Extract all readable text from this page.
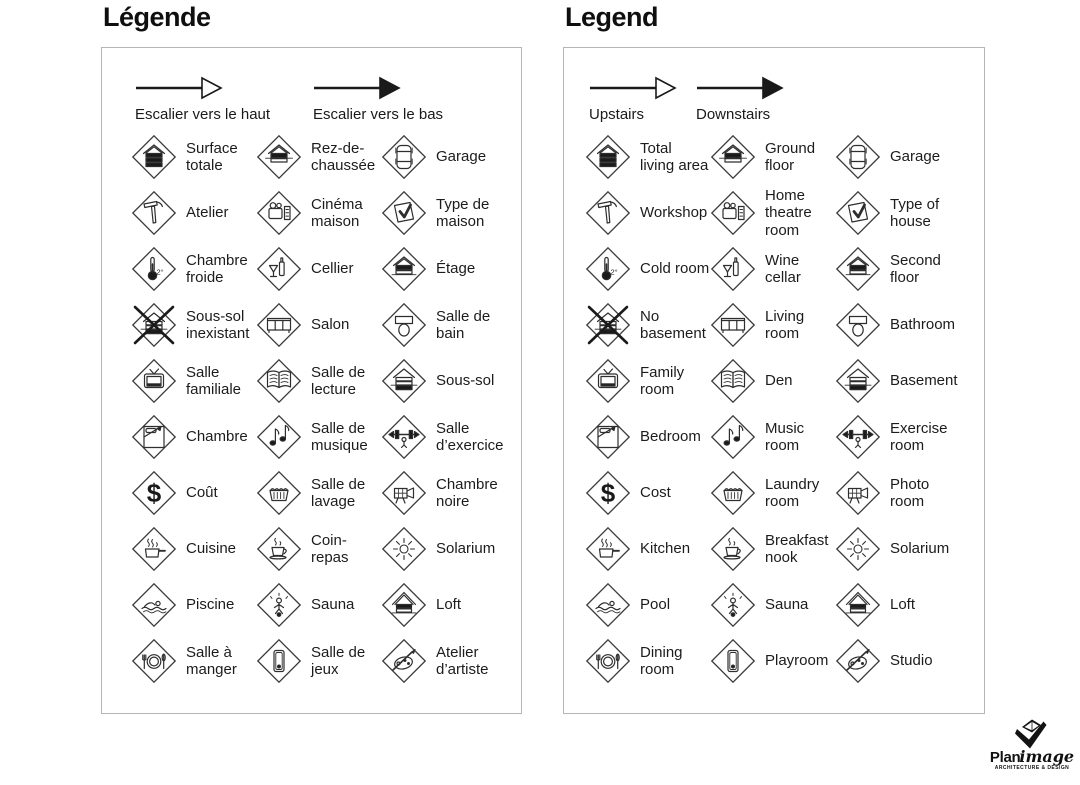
Légende	Legend
Escalier vers le haut	Escalier vers le bas
Surface totale
Rez-de-chaussée
Garage
Atelier
Cinéma maison
Type de maison
Chambre froide
Cellier	Étage
Sous-sol inexistant
Salon
Salle de bain
Salle familiale
Salle de lecture
Sous-sol
Chambre
Salle de musique
Salle d’exercice
Coût
Salle de lavage
Chambre noire
Cuisine
Coin-repas
Solarium
Piscine	Sauna	Loft
Salle à manger
Salle de jeux
Atelier d’artiste
Upstairs	Downstairs
Total living area
Ground floor
Garage
Workshop
Home theatre room
Type of house
Cold room
Wine cellar
Second floor
No basement
Living room
Bathroom
Family room
Den	Basement
Bedroom
Music room
Exercise room
Cost
Laundry room
Photo room
Kitchen
Breakfast nook
Solarium
Pool	Sauna	Loft
Dining room
Playroom	Studio
Planimage
ARCHITECTURE & DESIGN
